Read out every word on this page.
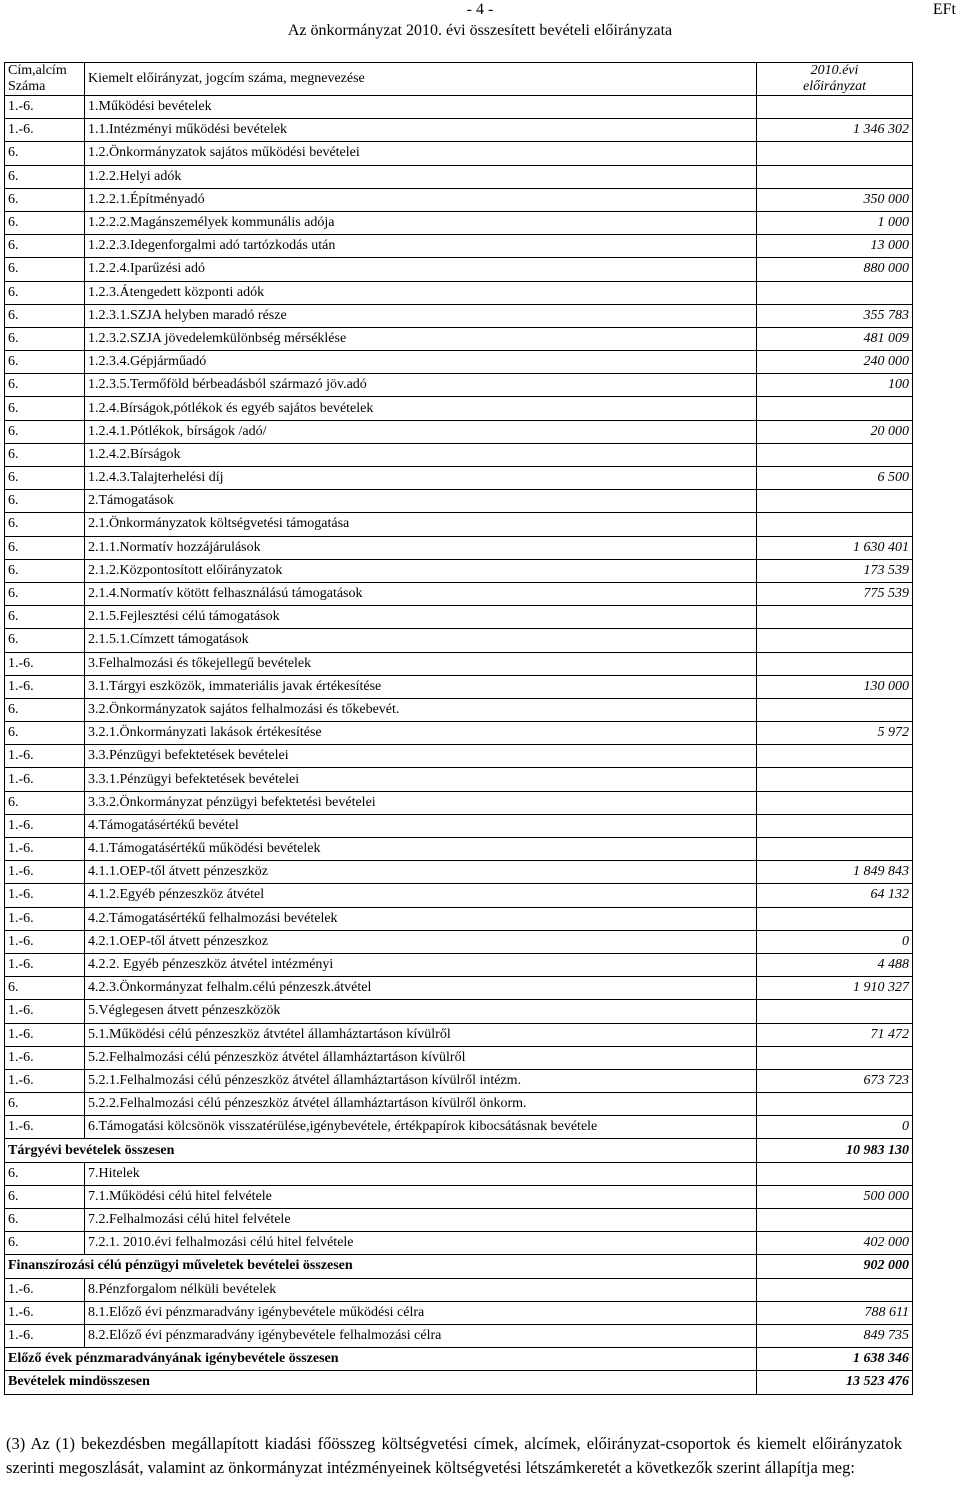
- 4 -	EFt
Az önkormányzat 2010. évi összesített bevételi előirányzata
Cím,alcím
Száma	Kiemelt előirányzat, jogcím száma, megnevezése	2010.évi
előirányzat
1.-6.	1.Működési bevételek	
1.-6.	1.1.Intézményi működési bevételek	1 346 302
6.	1.2.Önkormányzatok sajátos működési bevételei	
6.	1.2.2.Helyi adók	
6.	1.2.2.1.Építményadó	350 000
6.	1.2.2.2.Magánszemélyek kommunális adója	1 000
6.	1.2.2.3.Idegenforgalmi adó tartózkodás után	13 000
6.	1.2.2.4.Iparűzési adó	880 000
6.	1.2.3.Átengedett központi adók	
6.	1.2.3.1.SZJA helyben maradó része	355 783
6.	1.2.3.2.SZJA jövedelemkülönbség mérséklése	481 009
6.	1.2.3.4.Gépjárműadó	240 000
6.	1.2.3.5.Termőföld bérbeadásból származó jöv.adó	100
6.	1.2.4.Bírságok,pótlékok és egyéb sajátos bevételek	
6.	1.2.4.1.Pótlékok, bírságok /adó/	20 000
6.	1.2.4.2.Bírságok	
6.	1.2.4.3.Talajterhelési díj	6 500
6.	2.Támogatások	
6.	2.1.Önkormányzatok költségvetési támogatása	
6.	2.1.1.Normatív hozzájárulások	1 630 401
6.	2.1.2.Központosított előirányzatok	173 539
6.	2.1.4.Normatív kötött felhasználású támogatások	775 539
6.	2.1.5.Fejlesztési célú támogatások	
6.	2.1.5.1.Címzett támogatások	
1.-6.	3.Felhalmozási és tőkejellegű bevételek	
1.-6.	3.1.Tárgyi eszközök, immateriális javak értékesítése	130 000
6.	3.2.Önkormányzatok sajátos felhalmozási és tőkebevét.	
6.	3.2.1.Önkormányzati lakások értékesítése	5 972
1.-6.	3.3.Pénzügyi befektetések bevételei	
1.-6.	3.3.1.Pénzügyi befektetések bevételei	
6.	3.3.2.Önkormányzat pénzügyi befektetési bevételei	
1.-6.	4.Támogatásértékű bevétel	
1.-6.	4.1.Támogatásértékű működési bevételek	
1.-6.	4.1.1.OEP-től átvett pénzeszköz	1 849 843
1.-6.	4.1.2.Egyéb pénzeszköz átvétel	64 132
1.-6.	4.2.Támogatásértékű felhalmozási bevételek	
1.-6.	4.2.1.OEP-től átvett pénzeszkoz	0
1.-6.	4.2.2. Egyéb pénzeszköz átvétel intézményi	4 488
6.	4.2.3.Önkormányzat felhalm.célú pénzeszk.átvétel	1 910 327
1.-6.	5.Véglegesen átvett pénzeszközök	
1.-6.	5.1.Működési célú pénzeszköz átvtétel államháztartáson kívülről	71 472
1.-6.	5.2.Felhalmozási célú pénzeszköz átvétel államháztartáson kívülről	
1.-6.	5.2.1.Felhalmozási célú pénzeszköz átvétel államháztartáson kívülről intézm.	673 723
6.	5.2.2.Felhalmozási célú pénzeszköz átvétel államháztartáson kívülről önkorm.	
1.-6.	6.Támogatási kölcsönök visszatérülése,igénybevétele, értékpapírok kibocsátásnak bevétele	0
Tárgyévi bevételek összesen		10 983 130
6.	7.Hitelek	
6.	7.1.Működési célú hitel felvétele	500 000
6.	7.2.Felhalmozási célú hitel felvétele	
6.	7.2.1. 2010.évi felhalmozási célú hitel felvétele	402 000
Finanszírozási célú pénzügyi műveletek bevételei összesen		902 000
1.-6.	8.Pénzforgalom nélküli bevételek	
1.-6.	8.1.Előző évi pénzmaradvány igénybevétele működési célra	788 611
1.-6.	8.2.Előző évi pénzmaradvány igénybevétele felhalmozási célra	849 735
Előző évek pénzmaradványának igénybevétele összesen		1 638 346
Bevételek mindösszesen		13 523 476
(3) Az (1) bekezdésben megállapított kiadási főösszeg költségvetési címek, alcímek, előirányzat-csoportok és kiemelt előirányzatok szerinti megoszlását, valamint az önkormányzat intézményeinek költségvetési létszámkeretét a következők szerint állapítja meg:
